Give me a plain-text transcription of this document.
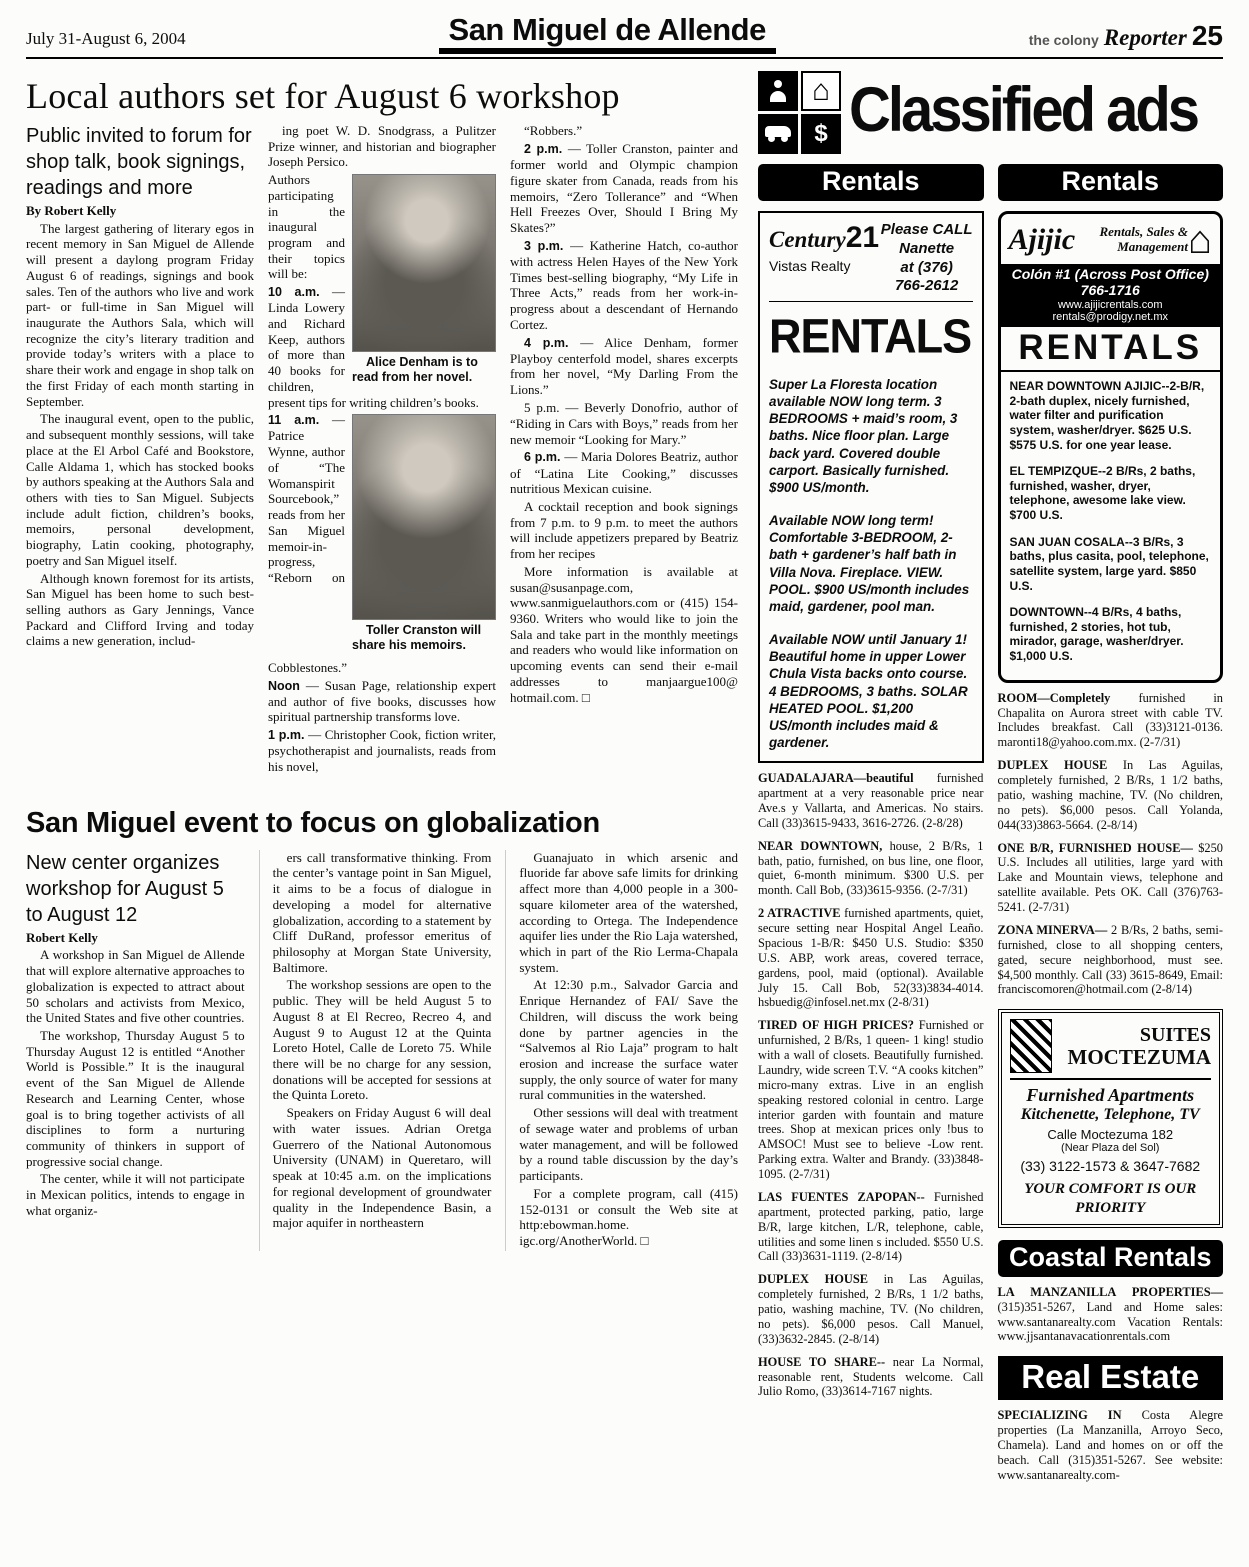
July 31-August 6, 2004	San Miguel de Allende	the colony Reporter 25
Local authors set for August 6 workshop

Public invited to forum for shop talk, book signings, readings and more

By Robert Kelly

The largest gathering of literary egos in recent memory in San Miguel de Allende will present a daylong program Friday August 6 of readings, signings and book sales. Ten of the authors who live and work part- or full-time in San Miguel will inaugurate the Authors Sala, which will recognize the city’s literary tradition and provide today’s writers with a place to share their work and engage in shop talk on the first Friday of each month starting in September.

The inaugural event, open to the public, and subsequent monthly sessions, will take place at the El Arbol Café and Bookstore, Calle Aldama 1, which has stocked books by authors speaking at the Authors Sala and others with ties to San Miguel. Subjects include adult fiction, children’s books, memoirs, personal development, biography, Latin cooking, photography, poetry and San Miguel itself.

Although known foremost for its artists, San Miguel has been home to such best-selling authors as Gary Jennings, Vance Packard and Clifford Irving and today claims a new generation, includ-

ing poet W. D. Snodgrass, a Pulitzer Prize winner, and historian and biographer Joseph Persico.

Alice Denham is to read from her novel.

Authors participating in the inaugural program and their topics will be:

10 a.m. — Linda Lowery and Richard Keep, authors of more than 40 books for children, present tips for writing children’s books.

Toller Cranston will share his memoirs.

11 a.m. — Patrice Wynne, author of “The Womanspirit Sourcebook,” reads from her San Miguel memoir-in-progress, “Reborn on Cobblestones.”

Noon — Susan Page, relationship expert and author of five books, discusses how spiritual partnership transforms love.

1 p.m. — Christopher Cook, fiction writer, psychotherapist and journalists, reads from his novel,

“Robbers.”

2 p.m. — Toller Cranston, painter and former world and Olympic champion figure skater from Canada, reads from his memoirs, “Zero Tollerance” and “When Hell Freezes Over, Should I Bring My Skates?”

3 p.m. — Katherine Hatch, co-author with actress Helen Hayes of the New York Times best-selling biography, “My Life in Three Acts,” reads from her work-in-progress about a descendant of Hernando Cortez.

4 p.m. — Alice Denham, former Playboy centerfold model, shares excerpts from her novel, “My Darling From the Lions.”

5 p.m. — Beverly Donofrio, author of “Riding in Cars with Boys,” reads from her new memoir “Looking for Mary.”

6 p.m. — Maria Dolores Beatriz, author of “Latina Lite Cooking,” discusses nutritious Mexican cuisine.

A cocktail reception and book signings from 7 p.m. to 9 p.m. to meet the authors will include appetizers prepared by Beatriz from her recipes

More information is available at susan@susanpage.com, www.sanmiguelauthors.com or (415) 154-9360. Writers who would like to join the Sala and take part in the monthly meetings and readers who would like information on upcoming events can send their e-mail addresses to manjaargue100@ hotmail.com. □

San Miguel event to focus on globalization

New center organizes workshop for August 5 to August 12

Robert Kelly

A workshop in San Miguel de Allende that will explore alternative approaches to globalization is expected to attract about 50 scholars and activists from Mexico, the United States and five other countries.

The workshop, Thursday August 5 to Thursday August 12 is entitled “Another World is Possible.” It is the inaugural event of the San Miguel de Allende Research and Learning Center, whose goal is to bring together activists of all disciplines to form a nurturing community of thinkers in support of progressive social change.

The center, while it will not participate in Mexican politics, intends to engage in what organiz-

ers call transformative thinking. From the center’s vantage point in San Miguel, it aims to be a focus of dialogue in developing a model for alternative globalization, according to a statement by Cliff DuRand, professor emeritus of philosophy at Morgan State University, Baltimore.

The workshop sessions are open to the public. They will be held August 5 to August 8 at El Recreo, Recreo 4, and August 9 to August 12 at the Quinta Loreto Hotel, Calle de Loreto 75. While there will be no charge for any session, donations will be accepted for sessions at the Quinta Loreto.

Speakers on Friday August 6 will deal with water issues. Adrian Oretga Guerrero of the National Autonomous University (UNAM) in Queretaro, will speak at 10:45 a.m. on the implications for regional development of groundwater quality in the Independence Basin, a major aquifer in northeastern

Guanajuato in which arsenic and fluoride far above safe limits for drinking affect more than 4,000 people in a 300-square kilometer area of the watershed, according to Ortega. The Independence aquifer lies under the Rio Laja watershed, which in part of the Rio Lerma-Chapala system.

At 12:30 p.m., Salvador Garcia and Enrique Hernandez of FAI/ Save the Children, will discuss the work being done by partner agencies in the “Salvemos al Rio Laja” program to halt erosion and increase the surface water supply, the only source of water for many rural communities in the watershed.

Other sessions will deal with treatment of sewage water and problems of urban water management, and will be followed by a round table discussion by the day’s participants.

For a complete program, call (415) 152-0131 or consult the Web site at http:ebowman.home. igc.org/AnotherWorld. □

⌂
$ Classified ads
Rentals
Century21
Vistas Realty
Please CALL
Nanette
at (376)
766-2612
RENTALS

Super La Floresta location available NOW long term. 3 BEDROOMS + maid’s room, 3 baths. Nice floor plan. Large back yard. Covered double carport. Basically furnished. $900 US/month.

Available NOW long term! Comfortable 3-BEDROOM, 2-bath + gardener’s half bath in Villa Nova. Fireplace. VIEW. POOL. $900 US/month includes maid, gardener, pool man.

Available NOW until January 1! Beautiful home in upper Lower Chula Vista backs onto course. 4 BEDROOMS, 3 baths. SOLAR HEATED POOL. $1,200 US/month includes maid & gardener.

GUADALAJARA—beautiful furnished apartment at a very reasonable price near Ave.s y Vallarta, and Americas. No stairs. Call (33)3615-9433, 3616-2726. (2-8/28)

NEAR DOWNTOWN, house, 2 B/Rs, 1 bath, patio, furnished, on bus line, one floor, quiet, 6-month minimum. $300 U.S. per month. Call Bob, (33)3615-9356. (2-7/31)

2 ATRACTIVE furnished apartments, quiet, secure setting near Hospital Angel Leaño. Spacious 1-B/R: $450 U.S. Studio: $350 U.S. ABP, work areas, covered terrace, gardens, pool, maid (optional). Available July 15. Call Bob, 52(33)3834-4014. hsbuedig@infosel.net.mx (2-8/31)

TIRED OF HIGH PRICES? Furnished or unfurnished, 2 B/Rs, 1 queen- 1 king! studio with a wall of closets. Beautifully furnished. Laundry, wide screen T.V. “A cooks kitchen” micro-many extras. Live in an english speaking restored colonial in centro. Large interior garden with fountain and mature trees. Shop at mexican prices only !bus to AMSOC! Must see to believe -Low rent. Parking extra. Walter and Brandy. (33)3848-1095. (2-7/31)

LAS FUENTES ZAPOPAN-- Furnished apartment, protected parking, patio, large B/R, large kitchen, L/R, telephone, cable, utilities and some linen s included. $550 U.S. Call (33)3631-1119. (2-8/14)

DUPLEX HOUSE in Las Aguilas, completely furnished, 2 B/Rs, 1 1/2 baths, patio, washing machine, TV. (No children, no pets). $6,000 pesos. Call Manuel, (33)3632-2845. (2-8/14)

HOUSE TO SHARE-- near La Normal, reasonable rent, Students welcome. Call Julio Romo, (33)3614-7167 nights.

Rentals
Ajijic	Rentals, Sales & Management ⌂
Colón #1 (Across Post Office) 766-1716
www.ajijicrentals.com rentals@prodigy.net.mx
RENTALS

NEAR DOWNTOWN AJIJIC--2-B/R, 2-bath duplex, nicely furnished, water filter and purification system, washer/dryer. $625 U.S. $575 U.S. for one year lease.

EL TEMPIZQUE--2 B/Rs, 2 baths, furnished, washer, dryer, telephone, awesome lake view. $700 U.S.

SAN JUAN COSALA--3 B/Rs, 3 baths, plus casita, pool, telephone, satellite system, large yard. $850 U.S.

DOWNTOWN--4 B/Rs, 4 baths, furnished, 2 stories, hot tub, mirador, garage, washer/dryer. $1,000 U.S.

ROOM—Completely furnished in Chapalita on Aurora street with cable TV. Includes breakfast. Call (33)3121-0136. maronti18@yahoo.com.mx. (2-7/31)

DUPLEX HOUSE In Las Aguilas, completely furnished, 2 B/Rs, 1 1/2 baths, patio, washing machine, TV. (No children, no pets). $6,000 pesos. Call Yolanda, 044(33)3863-5664. (2-8/14)

ONE B/R, FURNISHED HOUSE— $250 U.S. Includes all utilities, large yard with Lake and Mountain views, telephone and satellite available. Pets OK. Call (376)763-5241. (2-7/31)

ZONA MINERVA— 2 B/Rs, 2 baths, semi-furnished, close to all shopping centers, gated, secure neighborhood, must see. $4,500 monthly. Call (33) 3615-8649, Email: franciscomoren@hotmail.com (2-8/14)

SUITES
MOCTEZUMA
Furnished Apartments
Kitchenette, Telephone, TV
Calle Moctezuma 182
(Near Plaza del Sol)
(33) 3122-1573 & 3647-7682
YOUR COMFORT IS OUR PRIORITY
Coastal Rentals

LA MANZANILLA PROPERTIES—(315)351-5267, Land and Home sales: www.santanarealty.com Vacation Rentals: www.jjsantanavacationrentals.com

Real Estate

SPECIALIZING IN Costa Alegre properties (La Manzanilla, Arroyo Seco, Chamela). Land and homes on or off the beach. Call (315)351-5267. See website: www.santanarealty.com-
